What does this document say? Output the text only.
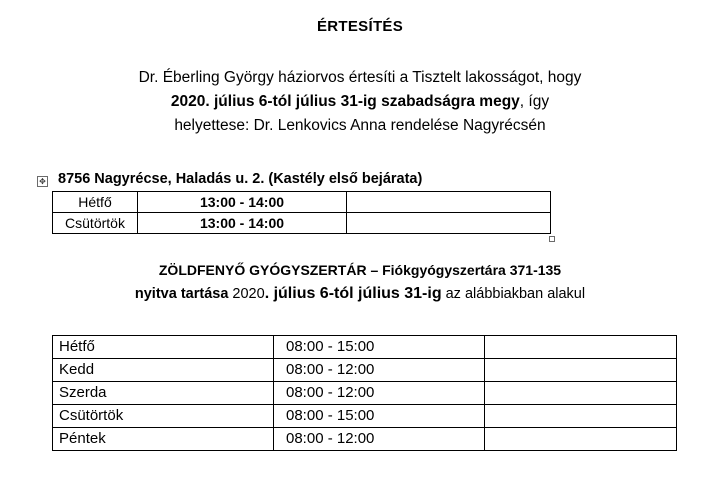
ÉRTESÍTÉS
Dr. Éberling György háziorvos értesíti a Tisztelt lakosságot, hogy
2020. július 6-tól július 31-ig szabadságra megy, így
helyettese: Dr. Lenkovics Anna rendelése Nagyrécsén
✥ 8756 Nagyrécse, Haladás u. 2. (Kastély első bejárata)
Hétfő	13:00 - 14:00	
Csütörtök	13:00 - 14:00	
ZÖLDFENYŐ GYÓGYSZERTÁR – Fiókgyógyszertára 371-135
nyitva tartása 2020. július 6-tól július 31-ig az alábbiakban alakul
Hétfő	08:00 - 15:00	
Kedd	08:00 - 12:00	
Szerda	08:00 - 12:00	
Csütörtök	08:00 - 15:00	
Péntek	08:00 - 12:00	
